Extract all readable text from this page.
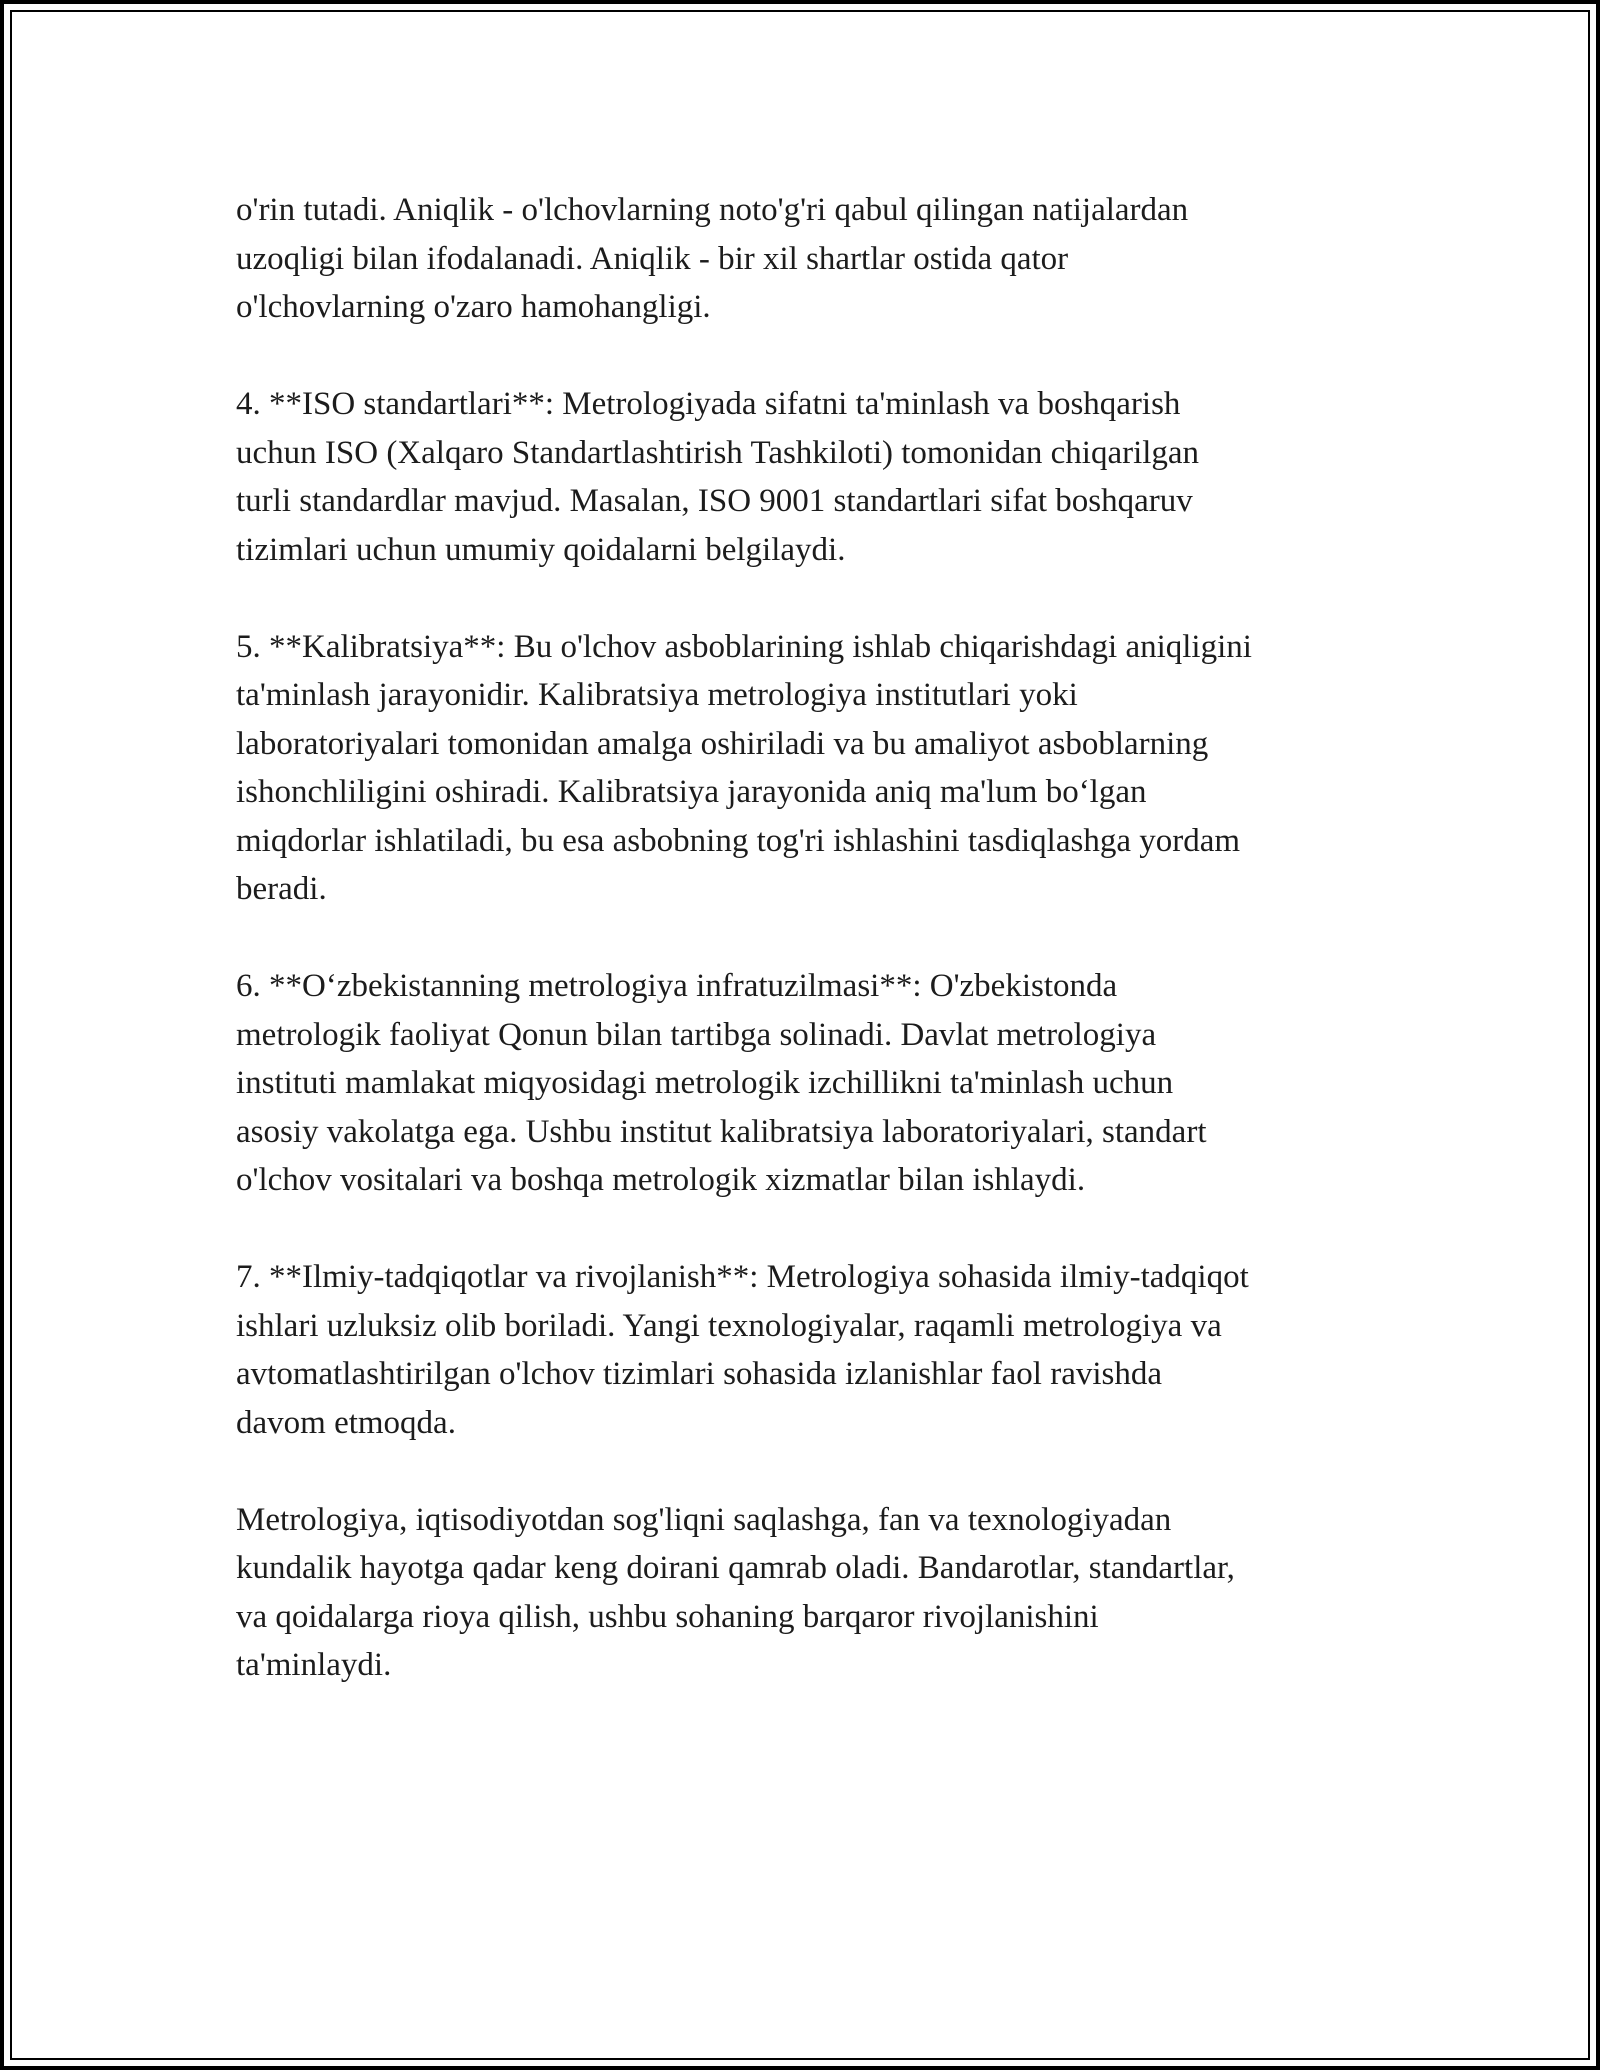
o'rin tutadi. Aniqlik - o'lchovlarning noto'g'ri qabul qilingan natijalardan
uzoqligi bilan ifodalanadi. Aniqlik - bir xil shartlar ostida qator
o'lchovlarning o'zaro hamohangligi.

4. **ISO standartlari**: Metrologiyada sifatni ta'minlash va boshqarish
uchun ISO (Xalqaro Standartlashtirish Tashkiloti) tomonidan chiqarilgan
turli standardlar mavjud. Masalan, ISO 9001 standartlari sifat boshqaruv
tizimlari uchun umumiy qoidalarni belgilaydi.

5. **Kalibratsiya**: Bu o'lchov asboblarining ishlab chiqarishdagi aniqligini
ta'minlash jarayonidir. Kalibratsiya metrologiya institutlari yoki
laboratoriyalari tomonidan amalga oshiriladi va bu amaliyot asboblarning
ishonchliligini oshiradi. Kalibratsiya jarayonida aniq ma'lum bo‘lgan
miqdorlar ishlatiladi, bu esa asbobning tog'ri ishlashini tasdiqlashga yordam
beradi.

6. **O‘zbekistanning metrologiya infratuzilmasi**: O'zbekistonda
metrologik faoliyat Qonun bilan tartibga solinadi. Davlat metrologiya
instituti mamlakat miqyosidagi metrologik izchillikni ta'minlash uchun
asosiy vakolatga ega. Ushbu institut kalibratsiya laboratoriyalari, standart
o'lchov vositalari va boshqa metrologik xizmatlar bilan ishlaydi.

7. **Ilmiy-tadqiqotlar va rivojlanish**: Metrologiya sohasida ilmiy-tadqiqot
ishlari uzluksiz olib boriladi. Yangi texnologiyalar, raqamli metrologiya va
avtomatlashtirilgan o'lchov tizimlari sohasida izlanishlar faol ravishda
davom etmoqda.

Metrologiya, iqtisodiyotdan sog'liqni saqlashga, fan va texnologiyadan
kundalik hayotga qadar keng doirani qamrab oladi. Bandarotlar, standartlar,
va qoidalarga rioya qilish, ushbu sohaning barqaror rivojlanishini
ta'minlaydi.
